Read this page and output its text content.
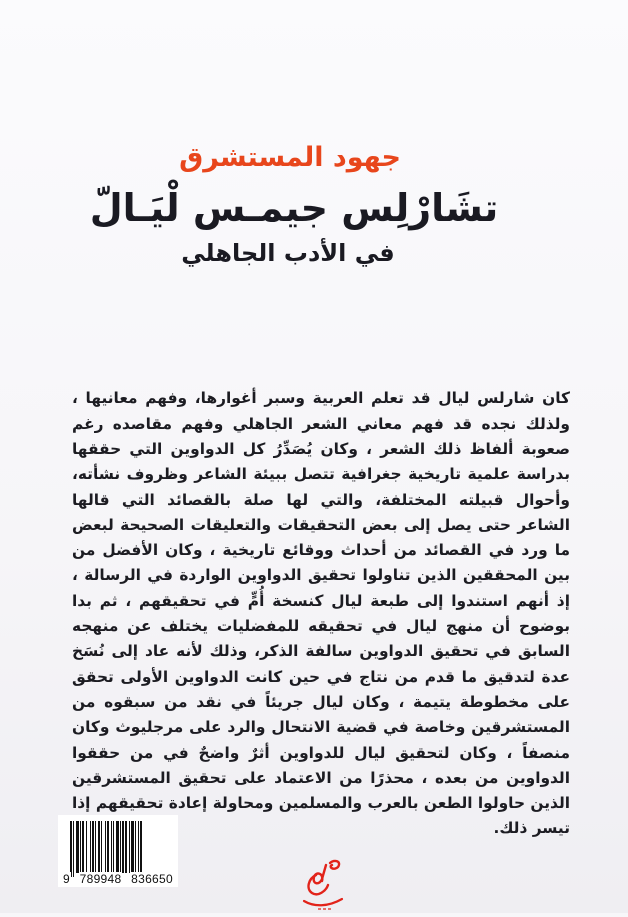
جهود المستشرق
تشَارْلِس جيمـس لْيَـالّ
في الأدب الجاهلي

كان شارلس ليال قد تعلم العربية وسبر أغوارها، وفهم معانيها ، ولذلك نجده قد فهم معاني الشعر الجاهلي وفهم مقاصده رغم صعوبة ألفاظ ذلك الشعر ، وكان يُصَدِّرُ كل الدواوين التي حققها بدراسة علمية تاريخية جغرافية تتصل ببيئة الشاعر وظروف نشأته، وأحوال قبيلته المختلفة، والتي لها صلة بالقصائد التي قالها الشاعر حتى يصل إلى بعض التحقيقات والتعليقات الصحيحة لبعض ما ورد في القصائد من أحداث ووقائع تاريخية ، وكان الأفضل من بين المحققين الذين تناولوا تحقيق الدواوين الواردة في الرسالة ، إذ أنهم استندوا إلى طبعة ليال كنسخة أُمٍّ في تحقيقهم ، ثم بدا بوضوح أن منهج ليال في تحقيقه للمفضليات يختلف عن منهجه السابق في تحقيق الدواوين سالفة الذكر، وذلك لأنه عاد إلى نُسَخ عدة لتدقيق ما قدم من نتاج في حين كانت الدواوين الأولى تحقق على مخطوطة يتيمة ، وكان ليال جريئاً في نقد من سبقوه من المستشرقين وخاصة في قضية الانتحال والرد على مرجليوث وكان منصفاً ، وكان لتحقيق ليال للدواوين أثرٌ واضحٌ في من حققوا الدواوين من بعده ، محذرًا من الاعتماد على تحقيق المستشرقين الذين حاولوا الطعن بالعرب والمسلمين ومحاولة إعادة تحقيقهم إذا تيسر ذلك.

9 789948 836650
